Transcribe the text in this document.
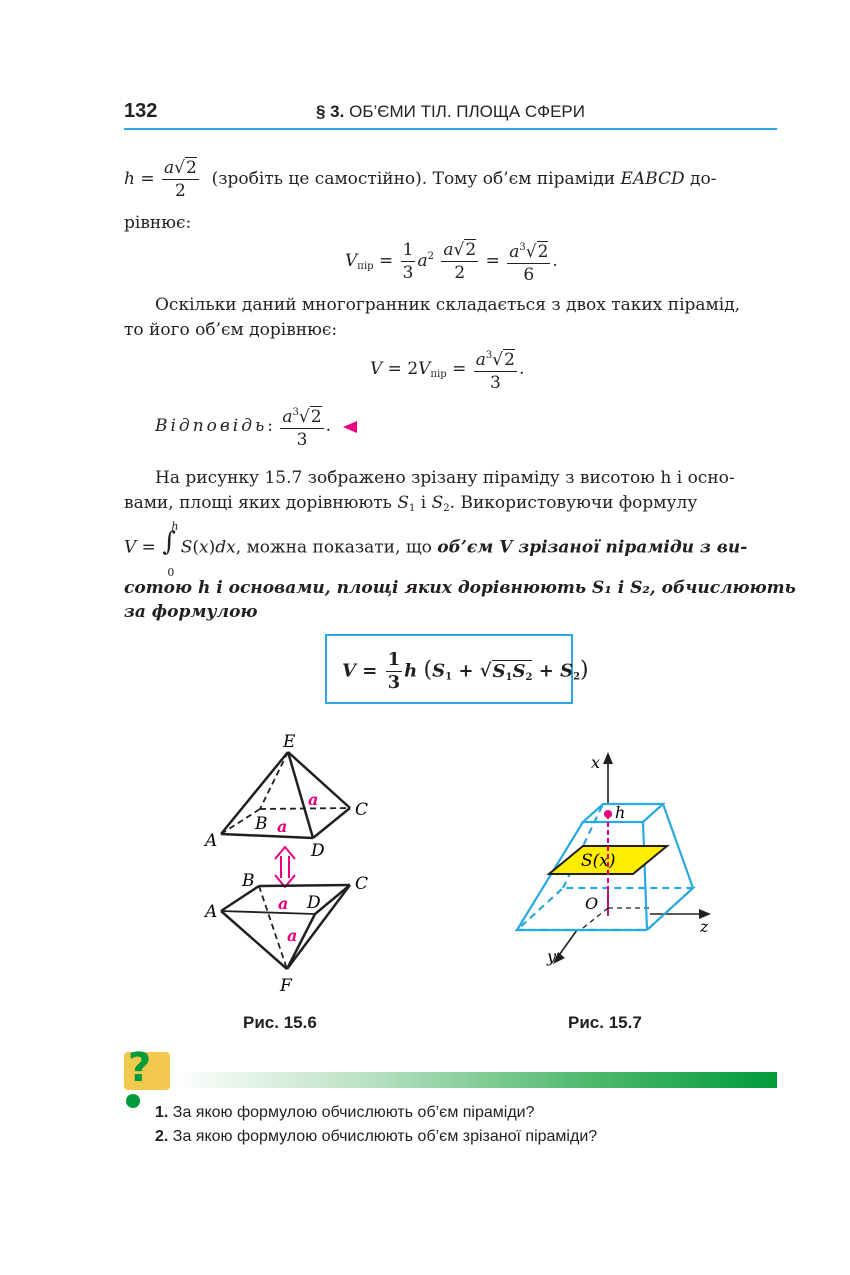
132	§ 3. ОБ’ЄМИ ТІЛ. ПЛОЩА СФЕРИ
$h = \frac{a√2}{2}$ (зробіть це самостійно). Тому об’єм піраміди EABCD до-
рівнює:
$V_{пір} = \frac{1}{3} a^2 \frac{a√2}{2} = \frac{a^3√2}{6}$ .
Оскільки даний многогранник складається з двох таких пірамід,
то його об’єм дорівнює:
$V = 2V_{пір} = \frac{a^3√2}{3}$ .
Відповідь: $\frac{a^3√2}{3}$ .
На рисунку 15.7 зображено зрізану піраміду з висотою h і осно-
вами, площі яких дорівнюють $S_1$ і $S_2$. Використовуючи формулу
V = ∫
h
0
S(x)dx, можна показати, що об’єм V зрізаної піраміди з ви-
сотою h і основами, площі яких дорівнюють S₁ і S₂, обчислюють
за формулою
$V = \frac{1}{3}$ h $(S_1 + √S_1S_2 + S_2)$
E
C
A
B
D
a
a
B	C
A	D
F
a
a
Рис. 15.6
x
z
y
O
S(x)
h
Рис. 15.7
?
1. За якою формулою обчислюють об’єм піраміди?
2. За якою формулою обчислюють об’єм зрізаної піраміди?
